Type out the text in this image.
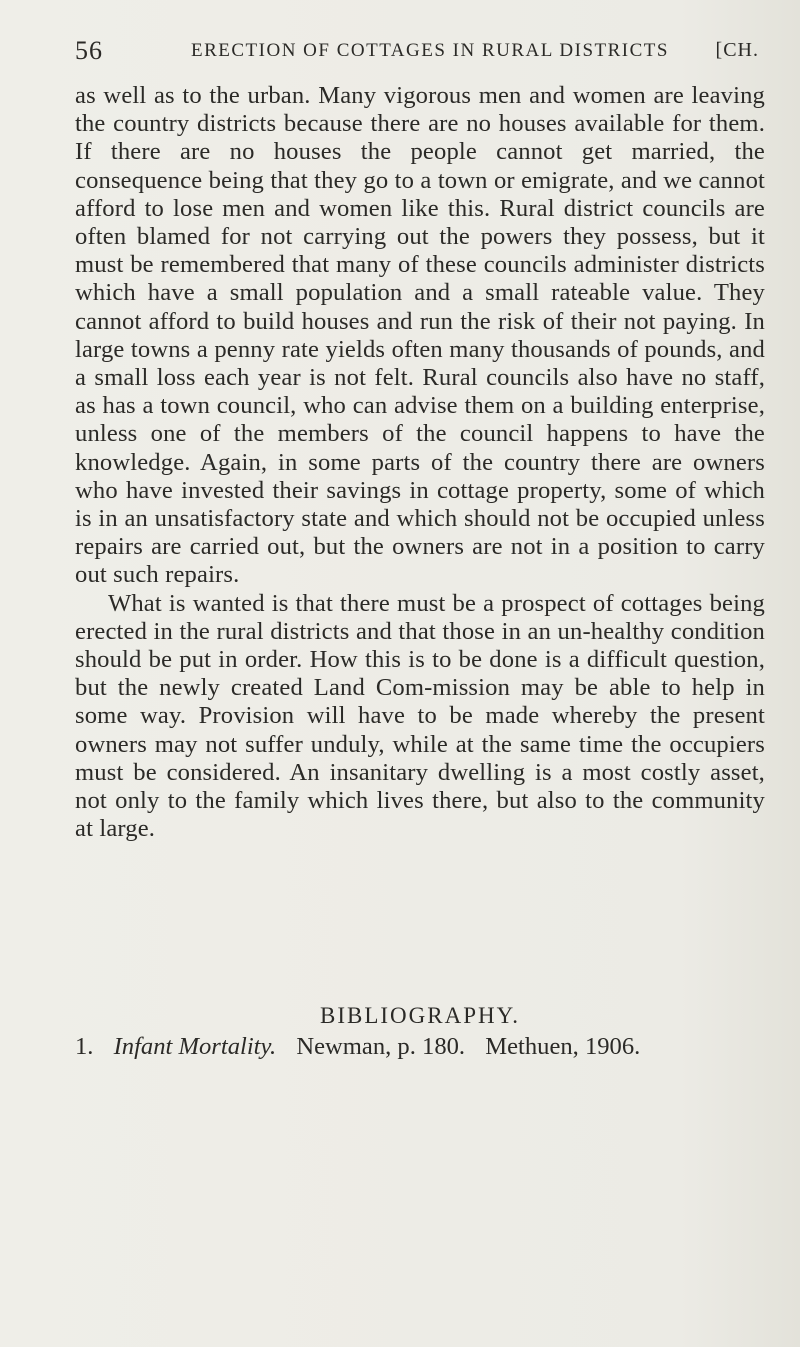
56	ERECTION OF COTTAGES IN RURAL DISTRICTS [CH.

as well as to the urban. Many vigorous men and women are leaving the country districts because there are no houses available for them. If there are no houses the people cannot get married, the consequence being that they go to a town or emigrate, and we cannot afford to lose men and women like this. Rural district councils are often blamed for not carrying out the powers they possess, but it must be remembered that many of these councils administer districts which have a small population and a small rateable value. They cannot afford to build houses and run the risk of their not paying. In large towns a penny rate yields often many thousands of pounds, and a small loss each year is not felt. Rural councils also have no staff, as has a town council, who can advise them on a building enterprise, unless one of the members of the council happens to have the knowledge. Again, in some parts of the country there are owners who have invested their savings in cottage property, some of which is in an unsatisfactory state and which should not be occupied unless repairs are carried out, but the owners are not in a position to carry out such repairs.

What is wanted is that there must be a prospect of cottages being erected in the rural districts and that those in an un-healthy condition should be put in order. How this is to be done is a difficult question, but the newly created Land Com-mission may be able to help in some way. Provision will have to be made whereby the present owners may not suffer unduly, while at the same time the occupiers must be considered. An insanitary dwelling is a most costly asset, not only to the family which lives there, but also to the community at large.

BIBLIOGRAPHY.
1. Infant Mortality. Newman, p. 180. Methuen, 1906.
